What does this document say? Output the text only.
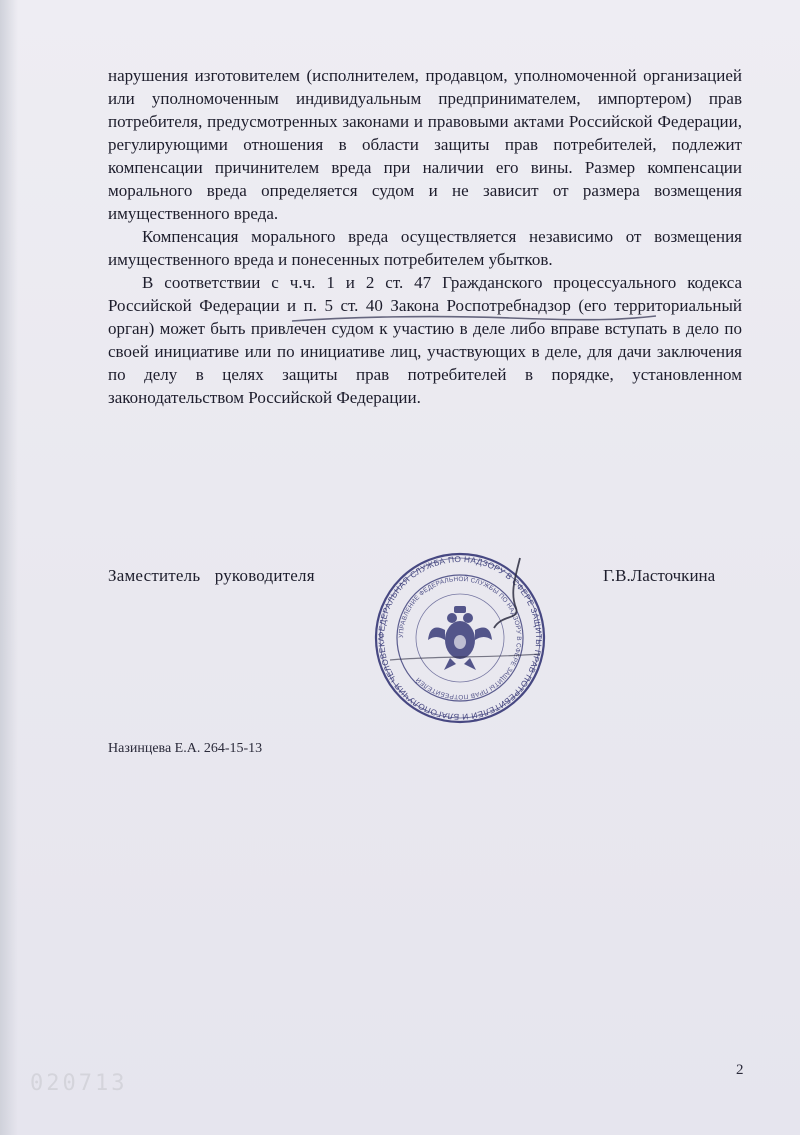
нарушения изготовителем (исполнителем, продавцом, уполномоченной организацией или уполномоченным индивидуальным предпринимателем, импортером) прав потребителя, предусмотренных законами и правовыми актами Российской Федерации, регулирующими отношения в области защиты прав потребителей, подлежит компенсации причинителем вреда при наличии его вины. Размер компенсации морального вреда определяется судом и не зависит от размера возмещения имущественного вреда.

Компенсация морального вреда осуществляется независимо от возмещения имущественного вреда и понесенных потребителем убытков.

В соответствии с ч.ч. 1 и 2 ст. 47 Гражданского процессуального кодекса Российской Федерации и п. 5 ст. 40 Закона Роспотребнадзор (его территориальный орган) может быть привлечен судом к участию в деле либо вправе вступать в дело по своей инициативе или по инициативе лиц, участвующих в деле, для дачи заключения по делу в целях защиты прав потребителей в порядке, установленном законодательством Российской Федерации.

Заместитель руководителя
ФЕДЕРАЛЬНАЯ СЛУЖБА ПО НАДЗОРУ В СФЕРЕ ЗАЩИТЫ ПРАВ ПОТРЕБИТЕЛЕЙ И БЛАГОПОЛУЧИЯ ЧЕЛОВЕКА	УПРАВЛЕНИЕ ФЕДЕРАЛЬНОЙ СЛУЖБЫ ПО НАДЗОРУ В СФЕРЕ ЗАЩИТЫ ПРАВ ПОТРЕБИТЕЛЕЙ
Г.В.Ласточкина
Назинцева Е.А. 264-15-13
020713
2
